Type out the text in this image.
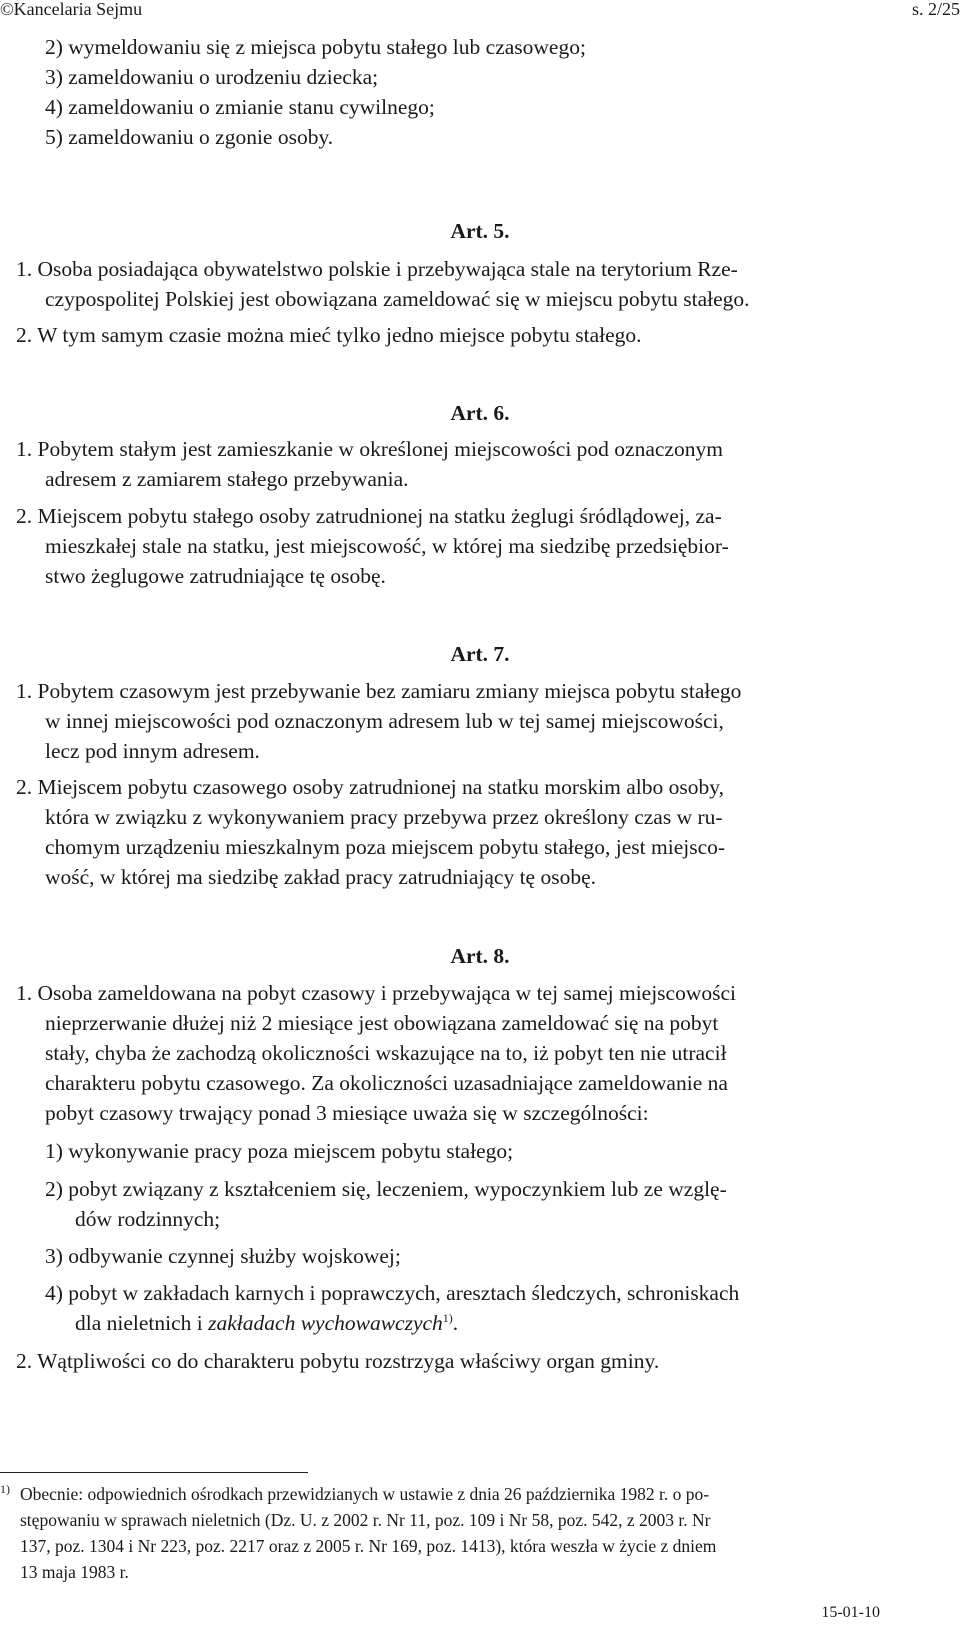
©Kancelaria Sejmu	s. 2/25
2) wymeldowaniu się z miejsca pobytu stałego lub czasowego;
3) zameldowaniu o urodzeniu dziecka;
4) zameldowaniu o zmianie stanu cywilnego;
5) zameldowaniu o zgonie osoby.
Art. 5.
1. Osoba posiadająca obywatelstwo polskie i przebywająca stale na terytorium Rze-
czypospolitej Polskiej jest obowiązana zameldować się w miejscu pobytu stałego.
2. W tym samym czasie można mieć tylko jedno miejsce pobytu stałego.
Art. 6.
1. Pobytem stałym jest zamieszkanie w określonej miejscowości pod oznaczonym
adresem z zamiarem stałego przebywania.
2. Miejscem pobytu stałego osoby zatrudnionej na statku żeglugi śródlądowej, za-
mieszkałej stale na statku, jest miejscowość, w której ma siedzibę przedsiębior-
stwo żeglugowe zatrudniające tę osobę.
Art. 7.
1. Pobytem czasowym jest przebywanie bez zamiaru zmiany miejsca pobytu stałego
w innej miejscowości pod oznaczonym adresem lub w tej samej miejscowości,
lecz pod innym adresem.
2. Miejscem pobytu czasowego osoby zatrudnionej na statku morskim albo osoby,
która w związku z wykonywaniem pracy przebywa przez określony czas w ru-
chomym urządzeniu mieszkalnym poza miejscem pobytu stałego, jest miejsco-
wość, w której ma siedzibę zakład pracy zatrudniający tę osobę.
Art. 8.
1. Osoba zameldowana na pobyt czasowy i przebywająca w tej samej miejscowości
nieprzerwanie dłużej niż 2 miesiące jest obowiązana zameldować się na pobyt
stały, chyba że zachodzą okoliczności wskazujące na to, iż pobyt ten nie utracił
charakteru pobytu czasowego. Za okoliczności uzasadniające zameldowanie na
pobyt czasowy trwający ponad 3 miesiące uważa się w szczególności:
1) wykonywanie pracy poza miejscem pobytu stałego;
2) pobyt związany z kształceniem się, leczeniem, wypoczynkiem lub ze wzglę-
dów rodzinnych;
3) odbywanie czynnej służby wojskowej;
4) pobyt w zakładach karnych i poprawczych, aresztach śledczych, schroniskach
dla nieletnich i zakładach wychowawczych$^{1)}$.
2. Wątpliwości co do charakteru pobytu rozstrzyga właściwy organ gminy.
$^{1)}$ Obecnie: odpowiednich ośrodkach przewidzianych w ustawie z dnia 26 października 1982 r. o po-
stępowaniu w sprawach nieletnich (Dz. U. z 2002 r. Nr 11, poz. 109 i Nr 58, poz. 542, z 2003 r. Nr
137, poz. 1304 i Nr 223, poz. 2217 oraz z 2005 r. Nr 169, poz. 1413), która weszła w życie z dniem
13 maja 1983 r.
15-01-10
